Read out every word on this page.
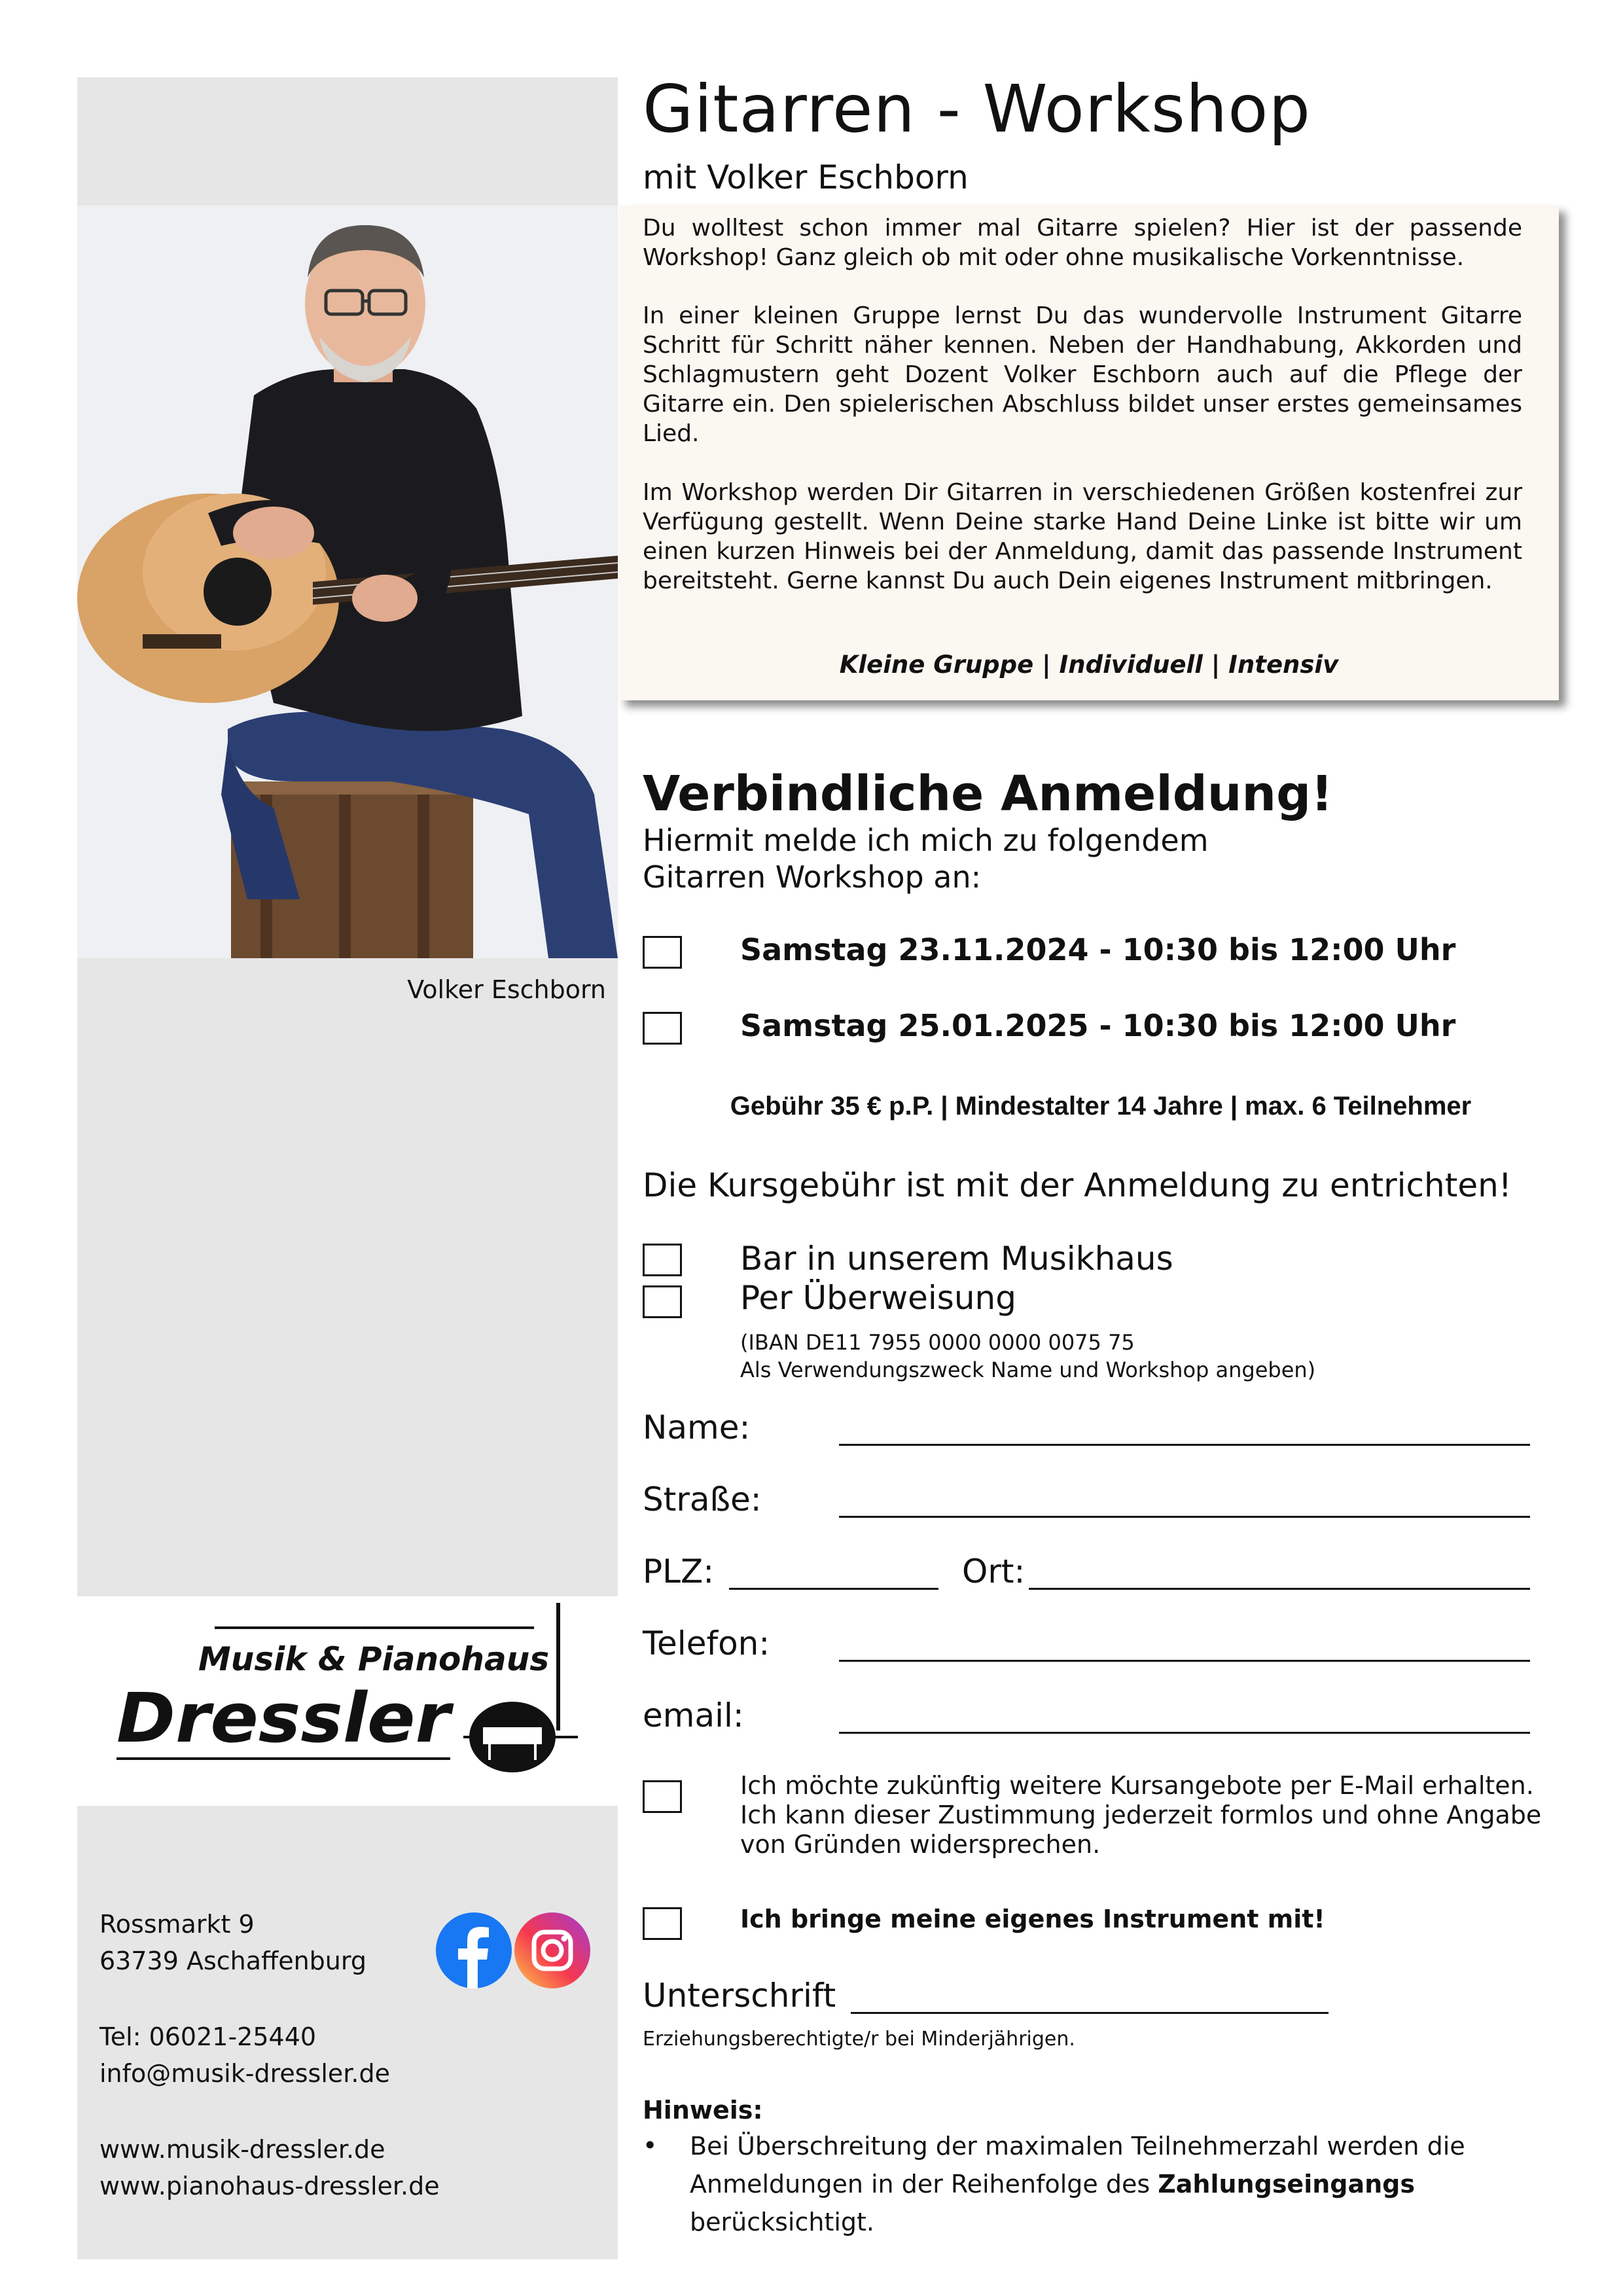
Volker Eschborn
Musik & Pianohaus
Dressler
Rossmarkt 9
63739 Aschaffenburg
Tel: 06021-25440
info@musik-dressler.de
www.musik-dressler.de
www.pianohaus-dressler.de
Gitarren - Workshop
mit Volker Eschborn
Du wolltest schon immer mal Gitarre spielen? Hier ist der passende Workshop! Ganz gleich ob mit oder ohne musikalische Vorkenntnisse.
In einer kleinen Gruppe lernst Du das wundervolle Instrument Gitarre Schritt für Schritt näher kennen. Neben der Handhabung, Akkorden und Schlagmustern geht Dozent Volker Eschborn auch auf die Pflege der Gitarre ein. Den spielerischen Abschluss bildet unser erstes gemeinsames Lied.
Im Workshop werden Dir Gitarren in verschiedenen Größen kostenfrei zur Verfügung gestellt. Wenn Deine starke Hand Deine Linke ist bitte wir um einen kurzen Hinweis bei der Anmeldung, damit das passende Instrument bereitsteht. Gerne kannst Du auch Dein eigenes Instrument mitbringen.
Kleine Gruppe | Individuell | Intensiv
Verbindliche Anmeldung!
Hiermit melde ich mich zu folgendem
Gitarren Workshop an:
Samstag 23.11.2024 - 10:30 bis 12:00 Uhr
Samstag 25.01.2025 - 10:30 bis 12:00 Uhr
Gebühr 35 € p.P. | Mindestalter 14 Jahre | max. 6 Teilnehmer
Die Kursgebühr ist mit der Anmeldung zu entrichten!
Bar in unserem Musikhaus
Per Überweisung
(IBAN DE11 7955 0000 0000 0075 75
Als Verwendungszweck Name und Workshop angeben)
Name:
Straße:
PLZ:	Ort:
Telefon:
email:
Ich möchte zukünftig weitere Kursangebote per E-Mail erhalten.
Ich kann dieser Zustimmung jederzeit formlos und ohne Angabe
von Gründen widersprechen.
Ich bringe meine eigenes Instrument mit!
Unterschrift
Erziehungsberechtigte/r bei Minderjährigen.
Hinweis:
• Bei Überschreitung der maximalen Teilnehmerzahl werden die Anmeldungen in der Reihenfolge des Zahlungseingangs berücksichtigt.
